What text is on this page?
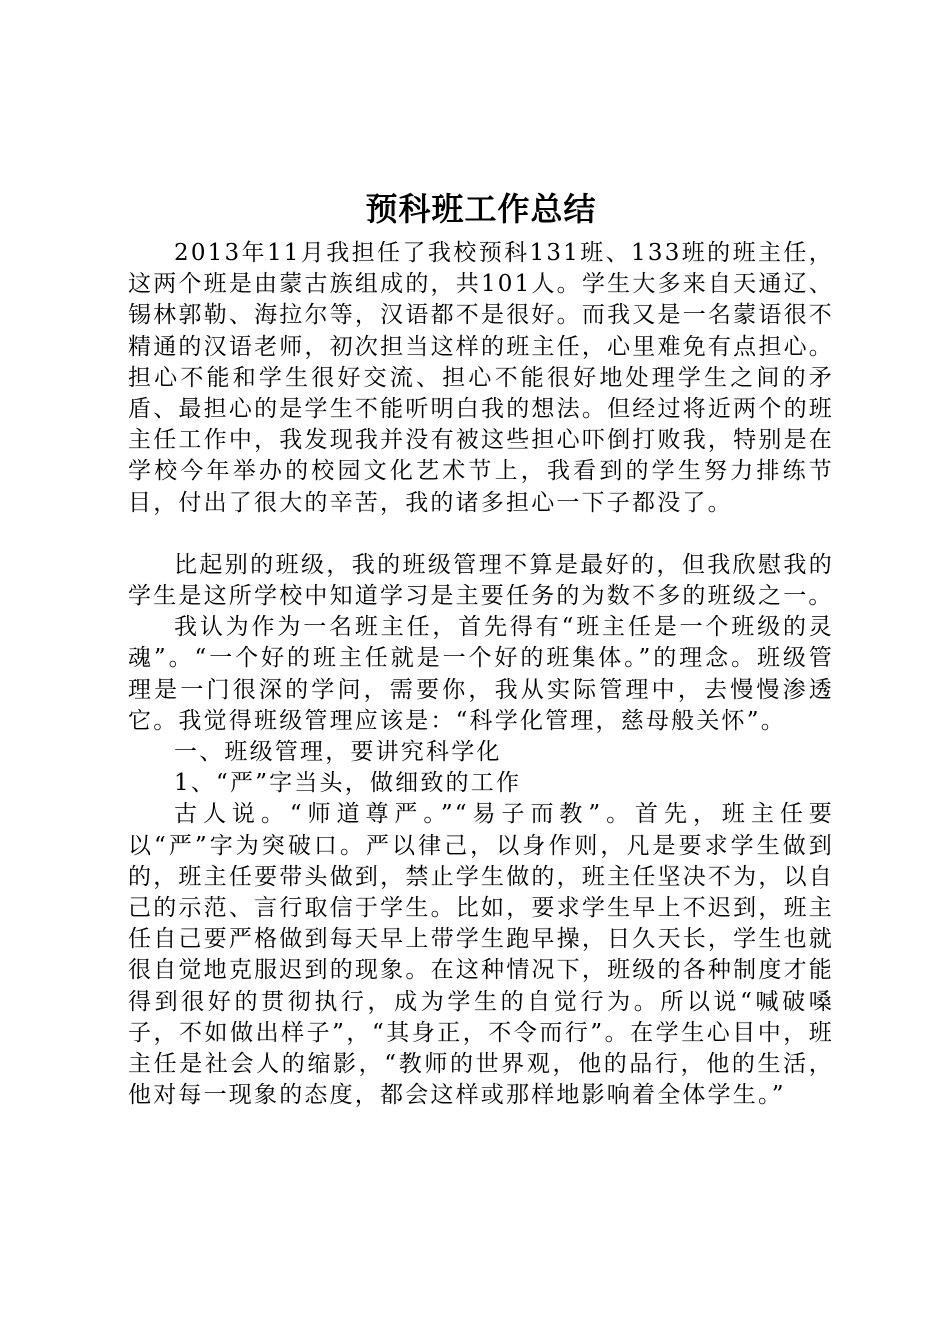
预科班工作总结

2013年11月我担任了我校预科131班、133班的班主任，这两个班是由蒙古族组成的，共101人。学生大多来自天通辽、锡林郭勒、海拉尔等，汉语都不是很好。而我又是一名蒙语很不精通的汉语老师，初次担当这样的班主任，心里难免有点担心。担心不能和学生很好交流、担心不能很好地处理学生之间的矛盾、最担心的是学生不能听明白我的想法。但经过将近两个的班主任工作中，我发现我并没有被这些担心吓倒打败我，特别是在学校今年举办的校园文化艺术节上，我看到的学生努力排练节目，付出了很大的辛苦，我的诸多担心一下子都没了。

比起别的班级，我的班级管理不算是最好的，但我欣慰我的学生是这所学校中知道学习是主要任务的为数不多的班级之一。

我认为作为一名班主任，首先得有“班主任是一个班级的灵魂”。“一个好的班主任就是一个好的班集体。”的理念。班级管理是一门很深的学问，需要你，我从实际管理中，去慢慢渗透它。我觉得班级管理应该是：“科学化管理，慈母般关怀”。

一、班级管理，要讲究科学化

1、“严”字当头，做细致的工作

古人说。“师道尊严。”“易子而教”。首先，班主任要以“严”字为突破口。严以律己，以身作则，凡是要求学生做到的，班主任要带头做到，禁止学生做的，班主任坚决不为，以自己的示范、言行取信于学生。比如，要求学生早上不迟到，班主任自己要严格做到每天早上带学生跑早操，日久天长，学生也就很自觉地克服迟到的现象。在这种情况下，班级的各种制度才能得到很好的贯彻执行，成为学生的自觉行为。所以说“喊破嗓子，不如做出样子”，“其身正，不令而行”。在学生心目中，班主任是社会人的缩影，“教师的世界观，他的品行，他的生活，他对每一现象的态度，都会这样或那样地影响着全体学生。”
